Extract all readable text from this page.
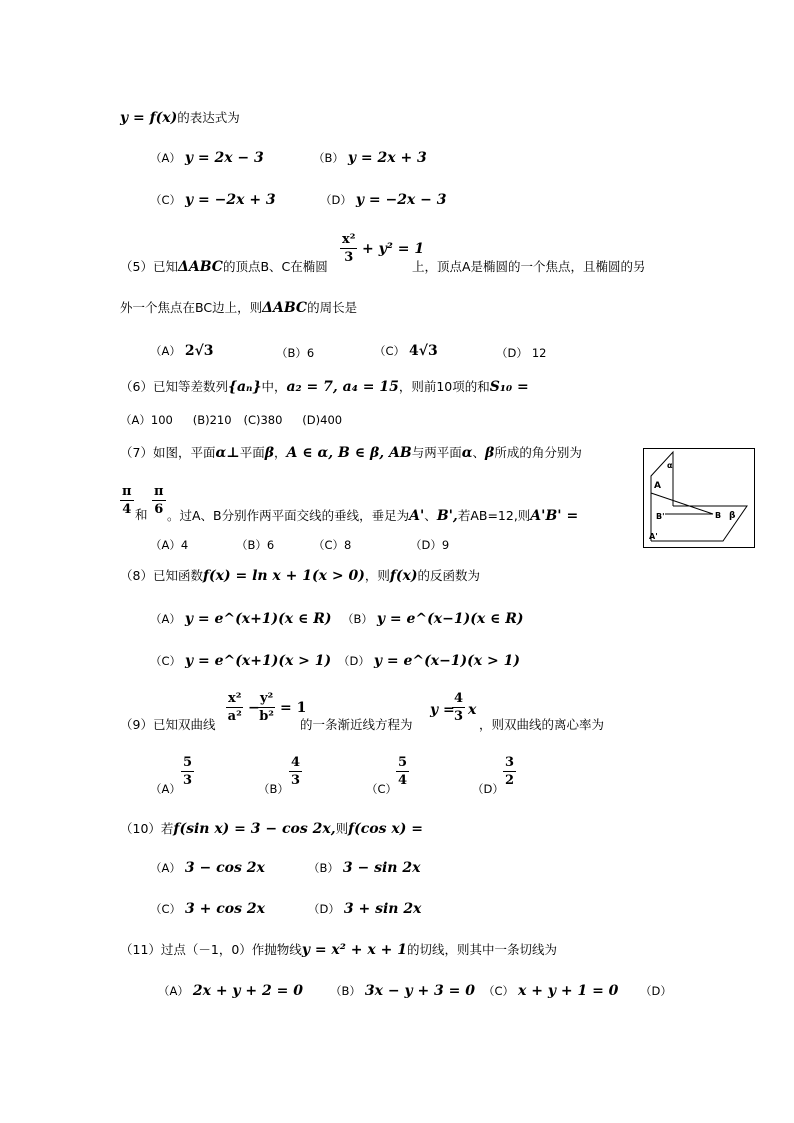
y = f(x)的表达式为
（A） y = 2x − 3	（B） y = 2x + 3
（C） y = −2x + 3	（D） y = −2x − 3
（5）已知ΔABC的顶点B、C在椭圆
$\frac{\text{x²}}{3} + y^2 = 1$
上，顶点A是椭圆的一个焦点，且椭圆的另
外一个焦点在BC边上，则ΔABC的周长是
（A） 2√3	（B）6	（C） 4√3	（D） 12
（6）已知等差数列{aₙ}中，a₂ = 7, a₄ = 15，则前10项的和S₁₀ =
（A）100 (B)210 (C)380 (D)400
（7）如图，平面α⊥平面β，A ∈ α, B ∈ β, AB与两平面α、β所成的角分别为
$\frac{\pi}{4}$ 和 $\frac{\pi}{6}$ 。过A、B分别作两平面交线的垂线，垂足为A'、B',若AB=12,则A'B' =
（A）4	（B）6	（C）8	（D）9
α
A
B'	B β
A'
（8）已知函数f(x) = ln x + 1(x > 0)，则f(x)的反函数为
（A） y = e^(x+1)(x ∈ R) （B） y = e^(x−1)(x ∈ R)
（C） y = e^(x+1)(x > 1) （D） y = e^(x−1)(x > 1)
（9）已知双曲线 $\frac{\text{x²}}{\text{a²}}$ −
$\frac{\text{y²}}{\text{b²}} = 1$
的一条渐近线方程为
y =
$\frac{4}{3}$ x
，则双曲线的离心率为
$(A) \frac{5}{3}$	$(B) \frac{4}{3}$	（C）
$\frac{5}{4}$	$(D) \frac{3}{2}$
（10）若f(sin x) = 3 − cos 2x,则f(cos x) =
（A） 3 − cos 2x	（B） 3 − sin 2x
（C） 3 + cos 2x	（D） 3 + sin 2x
（11）过点（－1，0）作抛物线y = x² + x + 1的切线，则其中一条切线为
（A） 2x + y + 2 = 0 （B） 3x − y + 3 = 0 （C） x + y + 1 = 0 （D）
